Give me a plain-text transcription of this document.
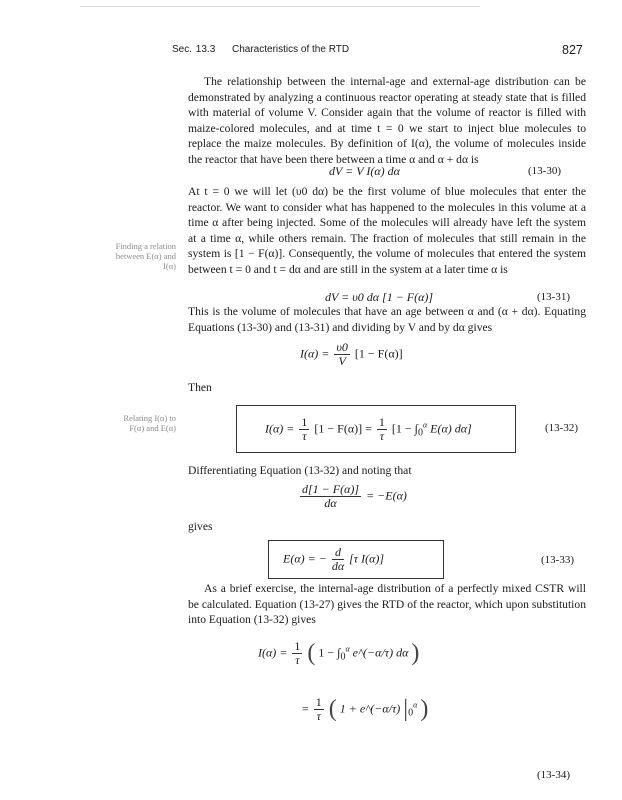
Sec. 13.3 Characteristics of the RTD	827
The relationship between the internal-age and external-age distribution can be demonstrated by analyzing a continuous reactor operating at steady state that is filled with material of volume V. Consider again that the volume of reactor is filled with maize-colored molecules, and at time t = 0 we start to inject blue molecules to replace the maize molecules. By definition of I(α), the volume of molecules inside the reactor that have been there between a time α and α + dα is
dV = V I(α) dα	(13-30)
At t = 0 we will let (υ0 dα) be the first volume of blue molecules that enter the reactor. We want to consider what has happened to the molecules in this volume at a time α after being injected. Some of the molecules will already have left the system at a time α, while others remain. The fraction of molecules that still remain in the system is [1 − F(α)]. Consequently, the volume of molecules that entered the system between t = 0 and t = dα and are still in the system at a later time α is
Finding a relation
between E(α) and
I(α)
dV = υ0 dα [1 − F(α)]	(13-31)
This is the volume of molecules that have an age between α and (α + dα). Equating Equations (13-30) and (13-31) and dividing by V and by dα gives
$I(\alpha) = \frac{\upsilon 0}{V} [1 - F(\alpha)]$
Then
Relating I(α) to
F(α) and E(α)	$I(\alpha) = \frac{1}{\tau} [1 - F(\alpha)] = \frac{1}{\tau} [1 - \int_0^\alpha$ E(α) dα]	(13-32)
Differentiating Equation (13-32) and noting that
$\frac{d[1 - F(\alpha)]}{d\alpha} = -E(\alpha)$
gives
E(α) = − $\frac{d}{d\alpha} [\tau$ I(α)]	(13-33)
As a brief exercise, the internal-age distribution of a perfectly mixed CSTR will be calculated. Equation (13-27) gives the RTD of the reactor, which upon substitution into Equation (13-32) gives
$I(\alpha) = \frac{1}{\tau}$ ( $1 - \int_0^\alpha$ e^(−α/τ) dα )
= $\frac{1}{\tau}$ ( 1 + e^(−α/τ) $|_0^\alpha$ )
(13-34)
